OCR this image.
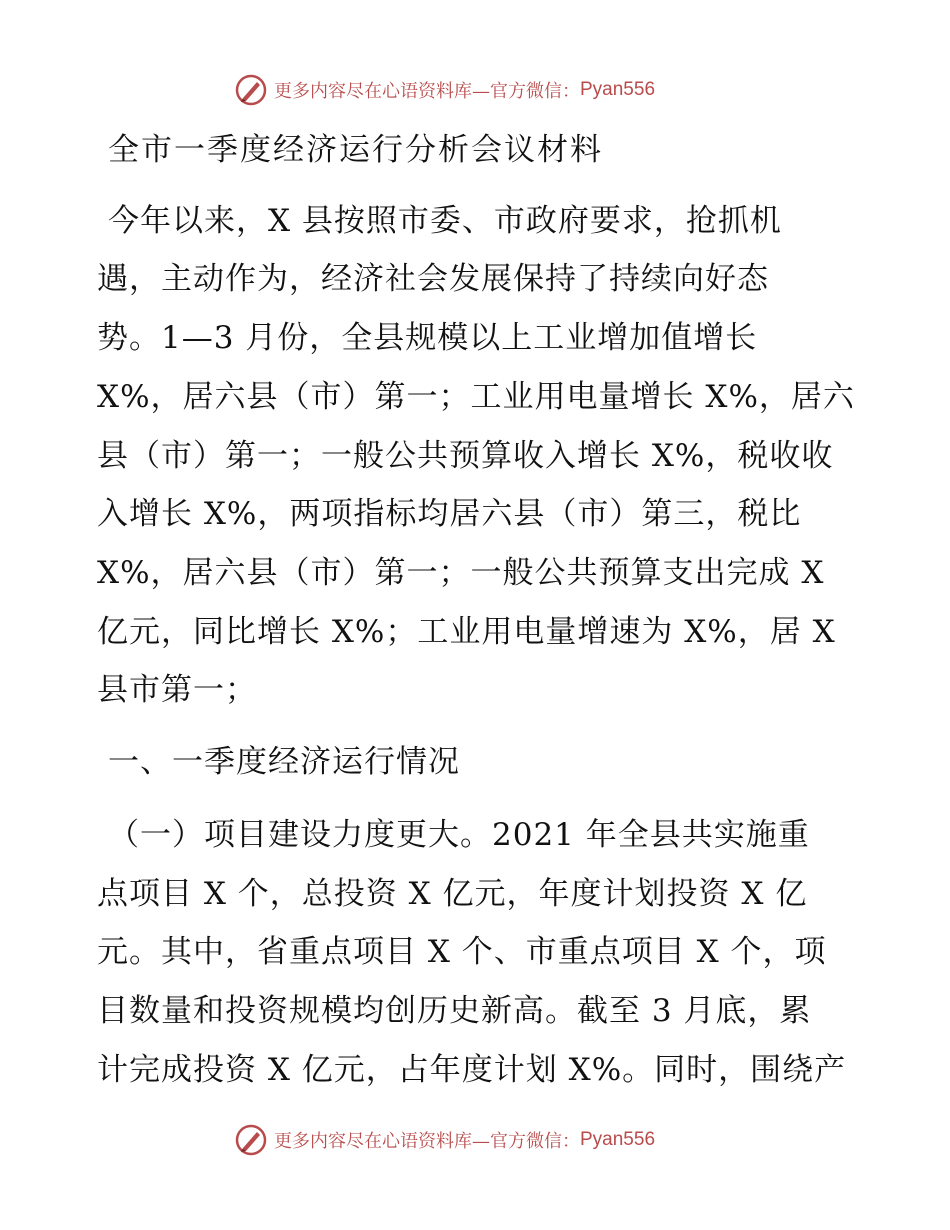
更多内容尽在心语资料库—官方微信： Pyan556
全市一季度经济运行分析会议材料
今年以来，X 县按照市委、市政府要求，抢抓机
遇，主动作为，经济社会发展保持了持续向好态
势。1—3 月份，全县规模以上工业增加值增长
X%，居六县（市）第一；工业用电量增长 X%，居六
县（市）第一；一般公共预算收入增长 X%，税收收
入增长 X%，两项指标均居六县（市）第三，税比
X%，居六县（市）第一；一般公共预算支出完成 X
亿元，同比增长 X%；工业用电量增速为 X%，居 X
县市第一；
一、一季度经济运行情况
（一）项目建设力度更大。2021 年全县共实施重
点项目 X 个，总投资 X 亿元，年度计划投资 X 亿
元。其中，省重点项目 X 个、市重点项目 X 个，项
目数量和投资规模均创历史新高。截至 3 月底，累
计完成投资 X 亿元，占年度计划 X%。同时，围绕产
更多内容尽在心语资料库—官方微信： Pyan556
